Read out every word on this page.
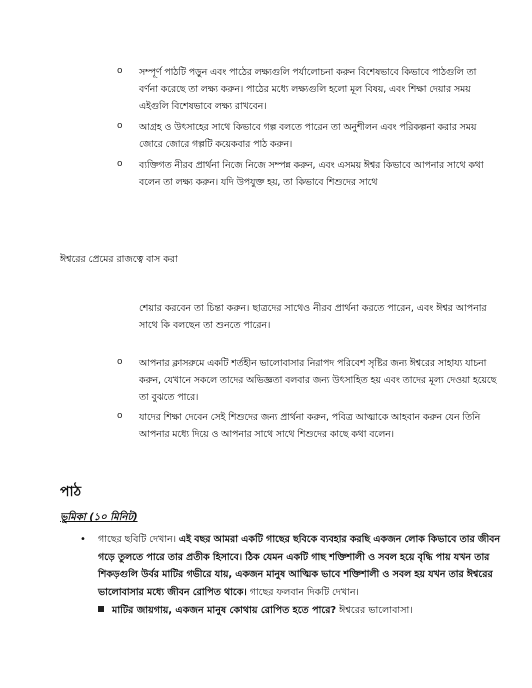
o সম্পূর্ণ পাঠটি পড়ুন এবং পাঠের লক্ষ্যগুলি পর্যালোচনা করুন বিশেষভাবে কিভাবে পাঠগুলি তা বর্ণনা করেছে তা লক্ষ্য করুন। পাঠের মধ্যে লক্ষ্যগুলি হলো মূল বিষয়, এবং শিক্ষা দেয়ার সময় এইগুলি বিশেষভাবে লক্ষ্য রাখবেন।
o আগ্রহ ও উৎসাহের সাথে কিভাবে গল্প বলতে পারেন তা অনুশীলন এবং পরিকল্পনা করার সময় জোরে জোরে গল্পটি কয়েকবার পাঠ করুন।
o ব্যক্তিগত নীরব প্রার্থনা নিজে নিজে সম্পন্ন করুন, এবং এসময় ঈশ্বর কিভাবে আপনার সাথে কথা বলেন তা লক্ষ্য করুন। যদি উপযুক্ত হয়, তা কিভাবে শিশুদের সাথে
ঈশ্বরের প্রেমের রাজত্বে বাস করা
শেয়ার করবেন তা চিন্তা করুন। ছাত্রদের সাথেও নীরব প্রার্থনা করতে পারেন, এবং ঈশ্বর আপনার সাথে কি বলছেন তা শুনতে পারেন।
o আপনার ক্লাসরুমে একটি শর্তহীন ভালোবাসার নিরাপদ পরিবেশ সৃষ্টির জন্য ঈশ্বরের সাহায্য যাচনা করুন, যেখানে সকলে তাদের অভিজ্ঞতা বলবার জন্য উৎসাহিত হয় এবং তাদের মূল্য দেওয়া হয়েছে তা বুঝতে পারে।
o যাদের শিক্ষা দেবেন সেই শিশুদের জন্য প্রার্থনা করুন, পবিত্র আত্মাকে আহবান করুন যেন তিনি আপনার মধ্যে দিয়ে ও আপনার সাথে সাথে শিশুদের কাছে কথা বলেন।
পাঠ
ভূমিকা (১০ মিনিট)
• গাছের ছবিটি দেখান। এই বছর আমরা একটি গাছের ছবিকে ব্যবহার করছি একজন লোক কিভাবে তার জীবন গড়ে তুলতে পারে তার প্রতীক হিসাবে। ঠিক যেমন একটি গাছ শক্তিশালী ও সবল হয়ে বৃদ্ধি পায় যখন তার শিকড়গুলি উর্বর মাটির গভীরে যায়, একজন মানুষ আত্মিক ভাবে শক্তিশালী ও সবল হয় যখন তার ঈশ্বরের ভালোবাসার মধ্যে জীবন রোপিত থাকে। গাছের ফলবান দিকটি দেখান।
মাটির জায়গায়, একজন মানুষ কোথায় রোপিত হতে পারে? ঈশ্বরের ভালোবাসা।
